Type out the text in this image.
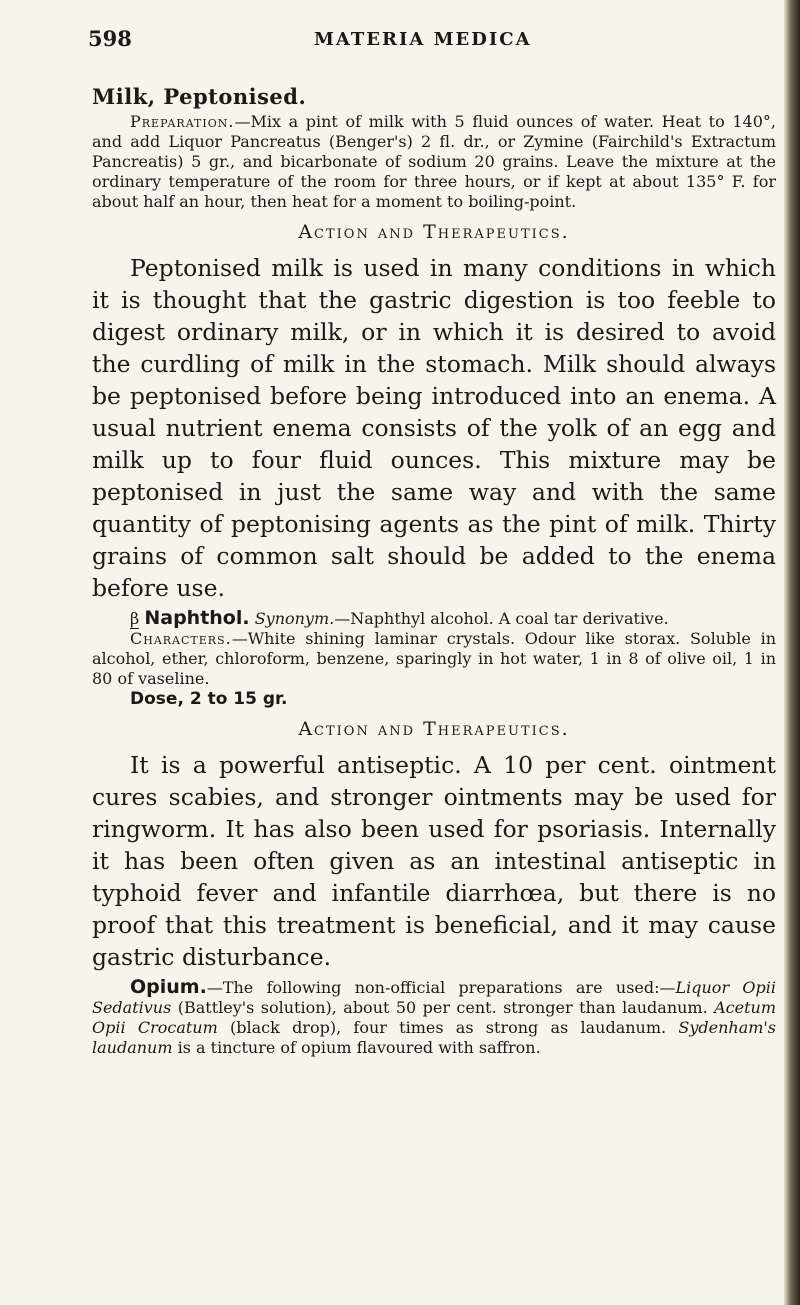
598	MATERIA MEDICA

Milk, Peptonised.

Preparation.—Mix a pint of milk with 5 fluid ounces of water. Heat to 140°, and add Liquor Pancreatus (Benger's) 2 fl. dr., or Zymine (Fairchild's Extractum Pancreatis) 5 gr., and bicarbonate of sodium 20 grains. Leave the mixture at the ordinary temperature of the room for three hours, or if kept at about 135° F. for about half an hour, then heat for a moment to boiling-point.

Action and Therapeutics.

Peptonised milk is used in many conditions in which it is thought that the gastric digestion is too feeble to digest ordinary milk, or in which it is desired to avoid the curdling of milk in the stomach. Milk should always be peptonised before being introduced into an enema. A usual nutrient enema consists of the yolk of an egg and milk up to four fluid ounces. This mixture may be peptonised in just the same way and with the same quantity of peptonising agents as the pint of milk. Thirty grains of common salt should be added to the enema before use.

β Naphthol. Synonym.—Naphthyl alcohol. A coal tar derivative.

Characters.—White shining laminar crystals. Odour like storax. Soluble in alcohol, ether, chloroform, benzene, sparingly in hot water, 1 in 8 of olive oil, 1 in 80 of vaseline.

Dose, 2 to 15 gr.

Action and Therapeutics.

It is a powerful antiseptic. A 10 per cent. ointment cures scabies, and stronger ointments may be used for ringworm. It has also been used for psoriasis. Internally it has been often given as an intestinal antiseptic in typhoid fever and infantile diarrhœa, but there is no proof that this treatment is beneficial, and it may cause gastric disturbance.

Opium.—The following non-official preparations are used:—Liquor Opii Sedativus (Battley's solution), about 50 per cent. stronger than laudanum. Acetum Opii Crocatum (black drop), four times as strong as laudanum. Sydenham's laudanum is a tincture of opium flavoured with saffron.
